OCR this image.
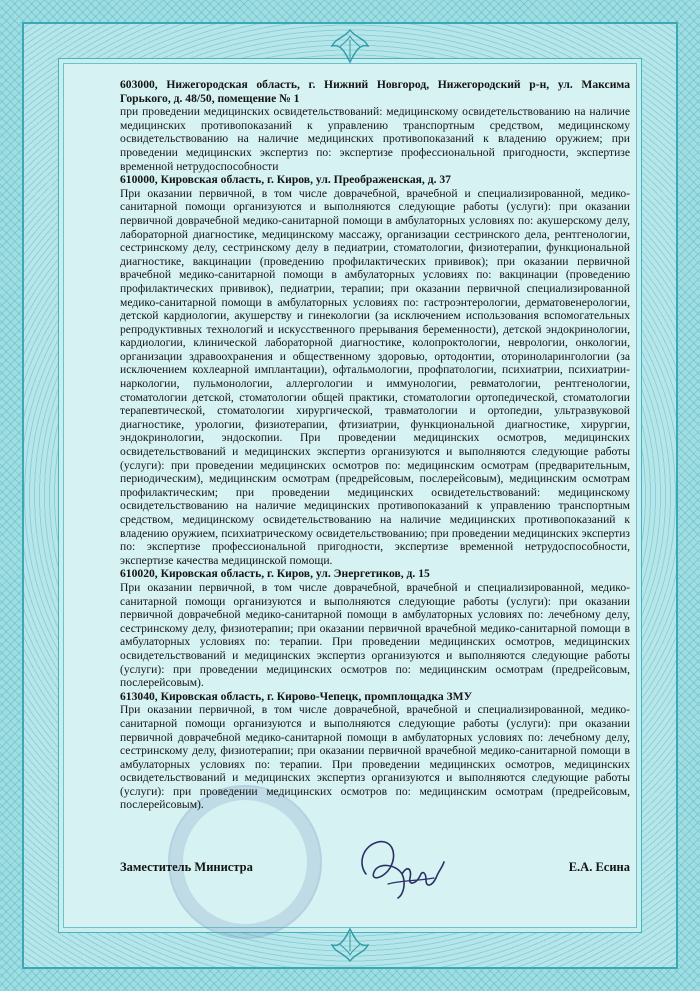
603000, Нижегородская область, г. Нижний Новгород, Нижегородский р-н, ул. Максима Горького, д. 48/50, помещение № 1

при проведении медицинских освидетельствований: медицинскому освидетельствованию на наличие медицинских противопоказаний к управлению транспортным средством, медицинскому освидетельствованию на наличие медицинских противопоказаний к владению оружием; при проведении медицинских экспертиз по: экспертизе профессиональной пригодности, экспертизе временной нетрудоспособности

610000, Кировская область, г. Киров, ул. Преображенская, д. 37

При оказании первичной, в том числе доврачебной, врачебной и специализированной, медико-санитарной помощи организуются и выполняются следующие работы (услуги): при оказании первичной доврачебной медико-санитарной помощи в амбулаторных условиях по: акушерскому делу, лабораторной диагностике, медицинскому массажу, организации сестринского дела, рентгенологии, сестринскому делу, сестринскому делу в педиатрии, стоматологии, физиотерапии, функциональной диагностике, вакцинации (проведению профилактических прививок); при оказании первичной врачебной медико-санитарной помощи в амбулаторных условиях по: вакцинации (проведению профилактических прививок), педиатрии, терапии; при оказании первичной специализированной медико-санитарной помощи в амбулаторных условиях по: гастроэнтерологии, дерматовенерологии, детской кардиологии, акушерству и гинекологии (за исключением использования вспомогательных репродуктивных технологий и искусственного прерывания беременности), детской эндокринологии, кардиологии, клинической лабораторной диагностике, колопроктологии, неврологии, онкологии, организации здравоохранения и общественному здоровью, ортодонтии, оториноларингологии (за исключением кохлеарной имплантации), офтальмологии, профпатологии, психиатрии, психиатрии-наркологии, пульмонологии, аллергологии и иммунологии, ревматологии, рентгенологии, стоматологии детской, стоматологии общей практики, стоматологии ортопедической, стоматологии терапевтической, стоматологии хирургической, травматологии и ортопедии, ультразвуковой диагностике, урологии, физиотерапии, фтизиатрии, функциональной диагностике, хирургии, эндокринологии, эндоскопии. При проведении медицинских осмотров, медицинских освидетельствований и медицинских экспертиз организуются и выполняются следующие работы (услуги): при проведении медицинских осмотров по: медицинским осмотрам (предварительным, периодическим), медицинским осмотрам (предрейсовым, послерейсовым), медицинским осмотрам профилактическим; при проведении медицинских освидетельствований: медицинскому освидетельствованию на наличие медицинских противопоказаний к управлению транспортным средством, медицинскому освидетельствованию на наличие медицинских противопоказаний к владению оружием, психиатрическому освидетельствованию; при проведении медицинских экспертиз по: экспертизе профессиональной пригодности, экспертизе временной нетрудоспособности, экспертизе качества медицинской помощи.

610020, Кировская область, г. Киров, ул. Энергетиков, д. 15

При оказании первичной, в том числе доврачебной, врачебной и специализированной, медико-санитарной помощи организуются и выполняются следующие работы (услуги): при оказании первичной доврачебной медико-санитарной помощи в амбулаторных условиях по: лечебному делу, сестринскому делу, физиотерапии; при оказании первичной врачебной медико-санитарной помощи в амбулаторных условиях по: терапии. При проведении медицинских осмотров, медицинских освидетельствований и медицинских экспертиз организуются и выполняются следующие работы (услуги): при проведении медицинских осмотров по: медицинским осмотрам (предрейсовым, послерейсовым).

613040, Кировская область, г. Кирово-Чепецк, промплощадка ЗМУ

При оказании первичной, в том числе доврачебной, врачебной и специализированной, медико-санитарной помощи организуются и выполняются следующие работы (услуги): при оказании первичной доврачебной медико-санитарной помощи в амбулаторных условиях по: лечебному делу, сестринскому делу, физиотерапии; при оказании первичной врачебной медико-санитарной помощи в амбулаторных условиях по: терапии. При проведении медицинских осмотров, медицинских освидетельствований и медицинских экспертиз организуются и выполняются следующие работы (услуги): при проведении медицинских осмотров по: медицинским осмотрам (предрейсовым, послерейсовым).

Заместитель Министра	Е.А. Есина
